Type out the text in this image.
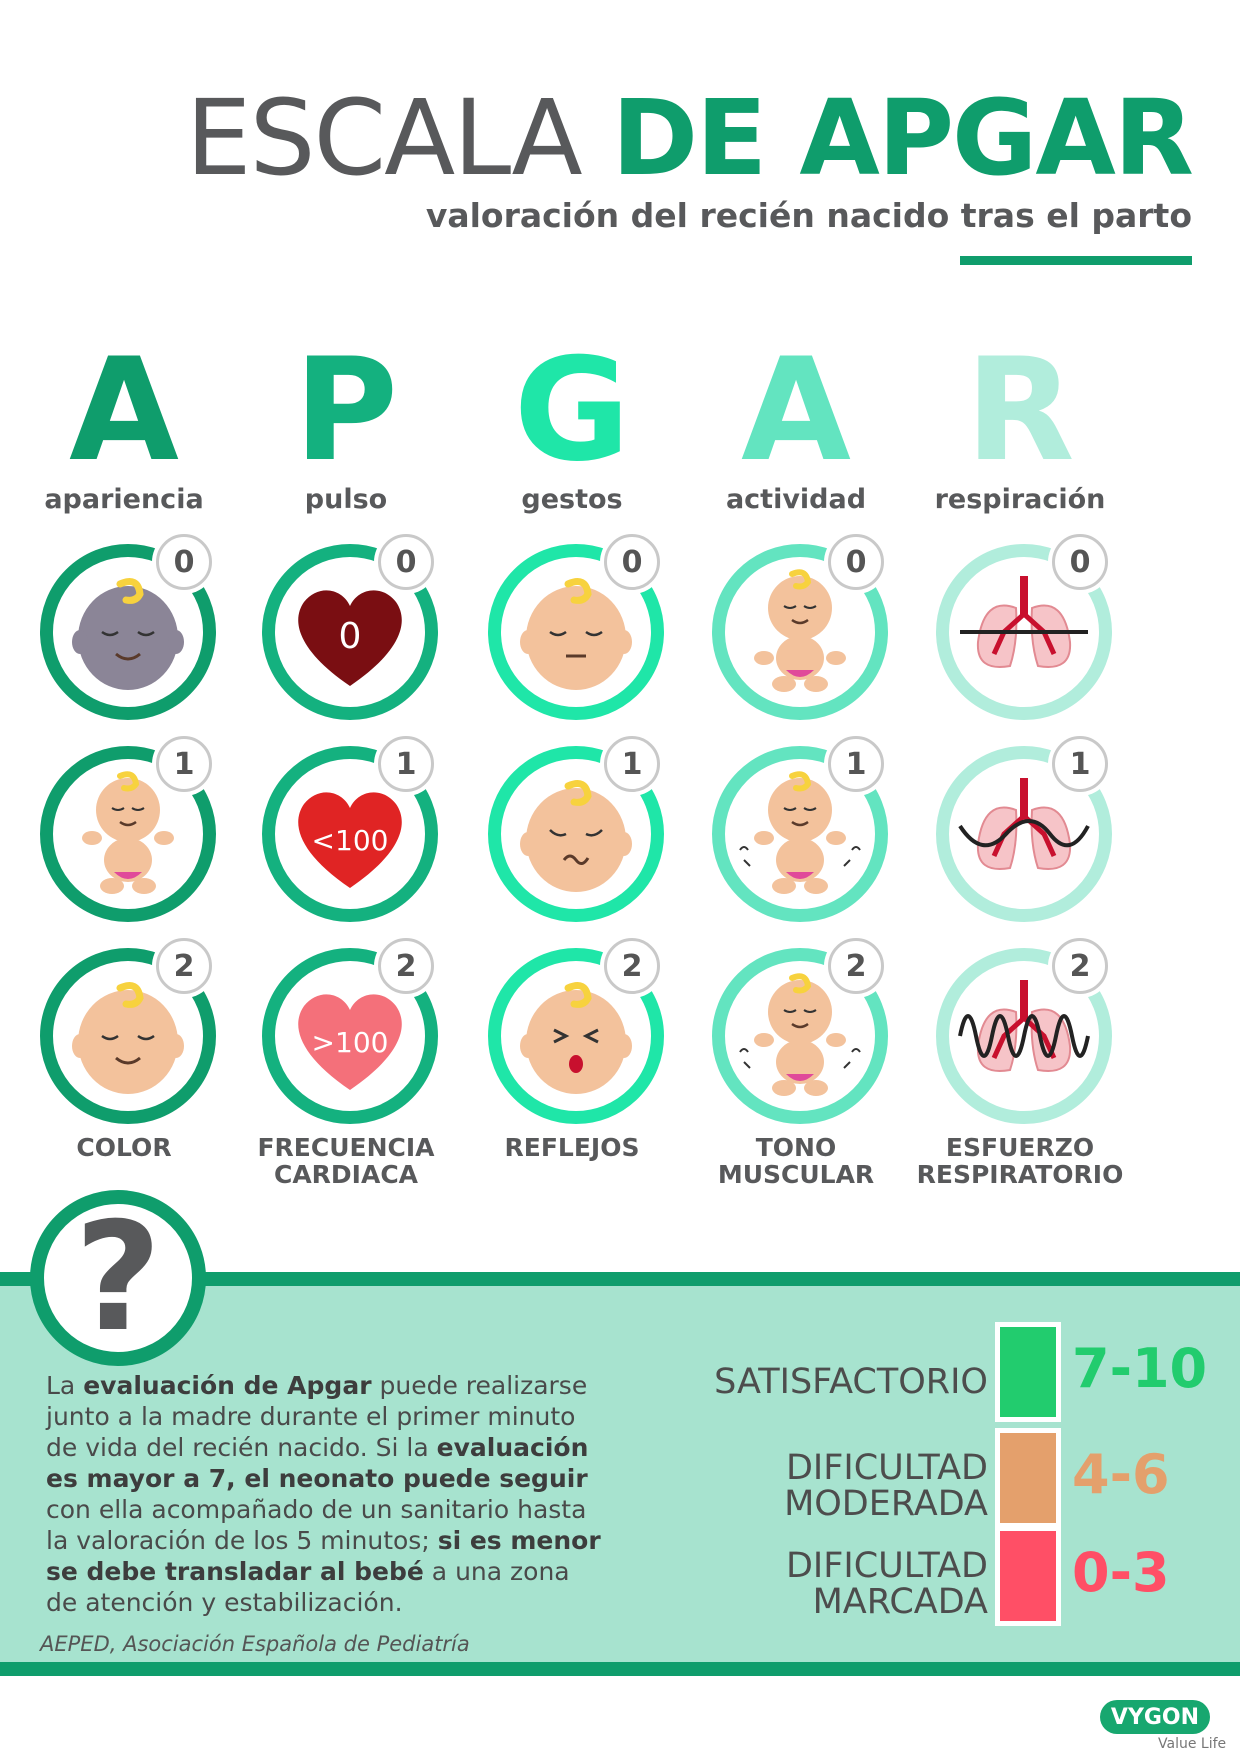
ESCALA DE APGAR
valoración del recién nacido tras el parto
A
apariencia
0
1
2
COLOR
P
pulso
0
0
<100
1
>100
2
FRECUENCIA
CARDIACA
G
gestos
0
1
2
REFLEJOS
A
actividad
0
1
2
TONO
MUSCULAR
R
respiración
0
1
2
ESFUERZO
RESPIRATORIO
?
La evaluación de Apgar puede realizarse junto a la madre durante el primer minuto de vida del recién nacido. Si la evaluación es mayor a 7, el neonato puede seguir con ella acompañado de un sanitario hasta la valoración de los 5 minutos; si es menor se debe transladar al bebé a una zona de atención y estabilización.
AEPED, Asociación Española de Pediatría
SATISFACTORIO 7-10
DIFICULTAD
MODERADA 4-6
DIFICULTAD
MARCADA 0-3
VYGON
Value Life
